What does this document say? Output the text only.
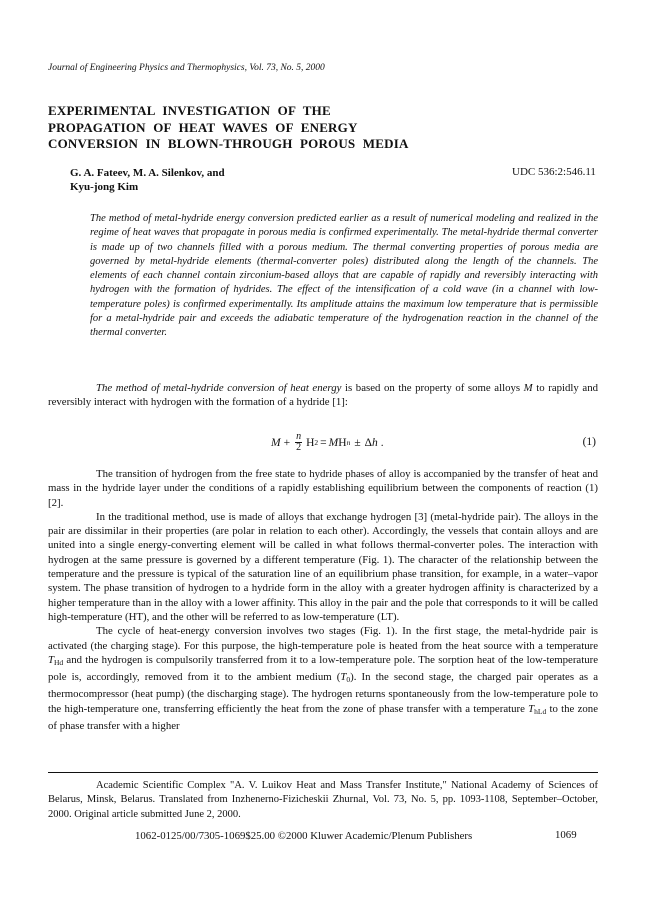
Journal of Engineering Physics and Thermophysics, Vol. 73, No. 5, 2000
EXPERIMENTAL INVESTIGATION OF THE
PROPAGATION OF HEAT WAVES OF ENERGY
CONVERSION IN BLOWN-THROUGH POROUS MEDIA
G. A. Fateev, M. A. Silenkov, and
Kyu-jong Kim
UDC 536:2:546.11
The method of metal-hydride energy conversion predicted earlier as a result of numerical modeling and realized in the regime of heat waves that propagate in porous media is confirmed experimentally. The metal-hydride thermal converter is made up of two channels filled with a porous medium. The thermal converting properties of porous media are governed by metal-hydride elements (thermal-converter poles) distributed along the length of the channels. The elements of each channel contain zirconium-based alloys that are capable of rapidly and reversibly interacting with hydrogen with the formation of hydrides. The effect of the intensification of a cold wave (in a channel with low-temperature poles) is confirmed experimentally. Its amplitude attains the maximum low temperature that is permissible for a metal-hydride pair and exceeds the adiabatic temperature of the hydrogenation reaction in the channel of the thermal converter.

The method of metal-hydride conversion of heat energy is based on the property of some alloys M to rapidly and reversibly interact with hydrogen with the formation of a hydride [1]:

$M + \frac{n}{2}$ H 2 = M H n ± Δ h .	(1)

The transition of hydrogen from the free state to hydride phases of alloy is accompanied by the transfer of heat and mass in the hydride layer under the conditions of a rapidly establishing equilibrium between the components of reaction (1) [2].

In the traditional method, use is made of alloys that exchange hydrogen [3] (metal-hydride pair). The alloys in the pair are dissimilar in their properties (are polar in relation to each other). Accordingly, the vessels that contain alloys and are united into a single energy-converting element will be called in what follows thermal-converter poles. The interaction with hydrogen at the same pressure is governed by a different temperature (Fig. 1). The character of the relationship between the temperature and the pressure is typical of the saturation line of an equilibrium phase transition, for example, in a water–vapor system. The phase transition of hydrogen to a hydride form in the alloy with a greater hydrogen affinity is characterized by a higher temperature than in the alloy with a lower affinity. This alloy in the pair and the pole that corresponds to it will be called high-temperature (HT), and the other will be referred to as low-temperature (LT).

The cycle of heat-energy conversion involves two stages (Fig. 1). In the first stage, the metal-hydride pair is activated (the charging stage). For this purpose, the high-temperature pole is heated from the heat source with a temperature $T_{Hd}$ and the hydrogen is compulsorily transferred from it to a low-temperature pole. The sorption heat of the low-temperature pole is, accordingly, removed from it to the ambient medium $(T_0)$. In the second stage, the charged pair operates as a thermocompressor (heat pump) (the discharging stage). The hydrogen returns spontaneously from the low-temperature pole to the high-temperature one, transferring efficiently the heat from the zone of phase transfer with a temperature $T_{hLd}$ to the zone of phase transfer with a higher

Academic Scientific Complex "A. V. Luikov Heat and Mass Transfer Institute," National Academy of Sciences of Belarus, Minsk, Belarus. Translated from Inzhenerno-Fizicheskii Zhurnal, Vol. 73, No. 5, pp. 1093-1108, September–October, 2000. Original article submitted June 2, 2000.

1062-0125/00/7305-1069$25.00 ©2000 Kluwer Academic/Plenum Publishers	1069
